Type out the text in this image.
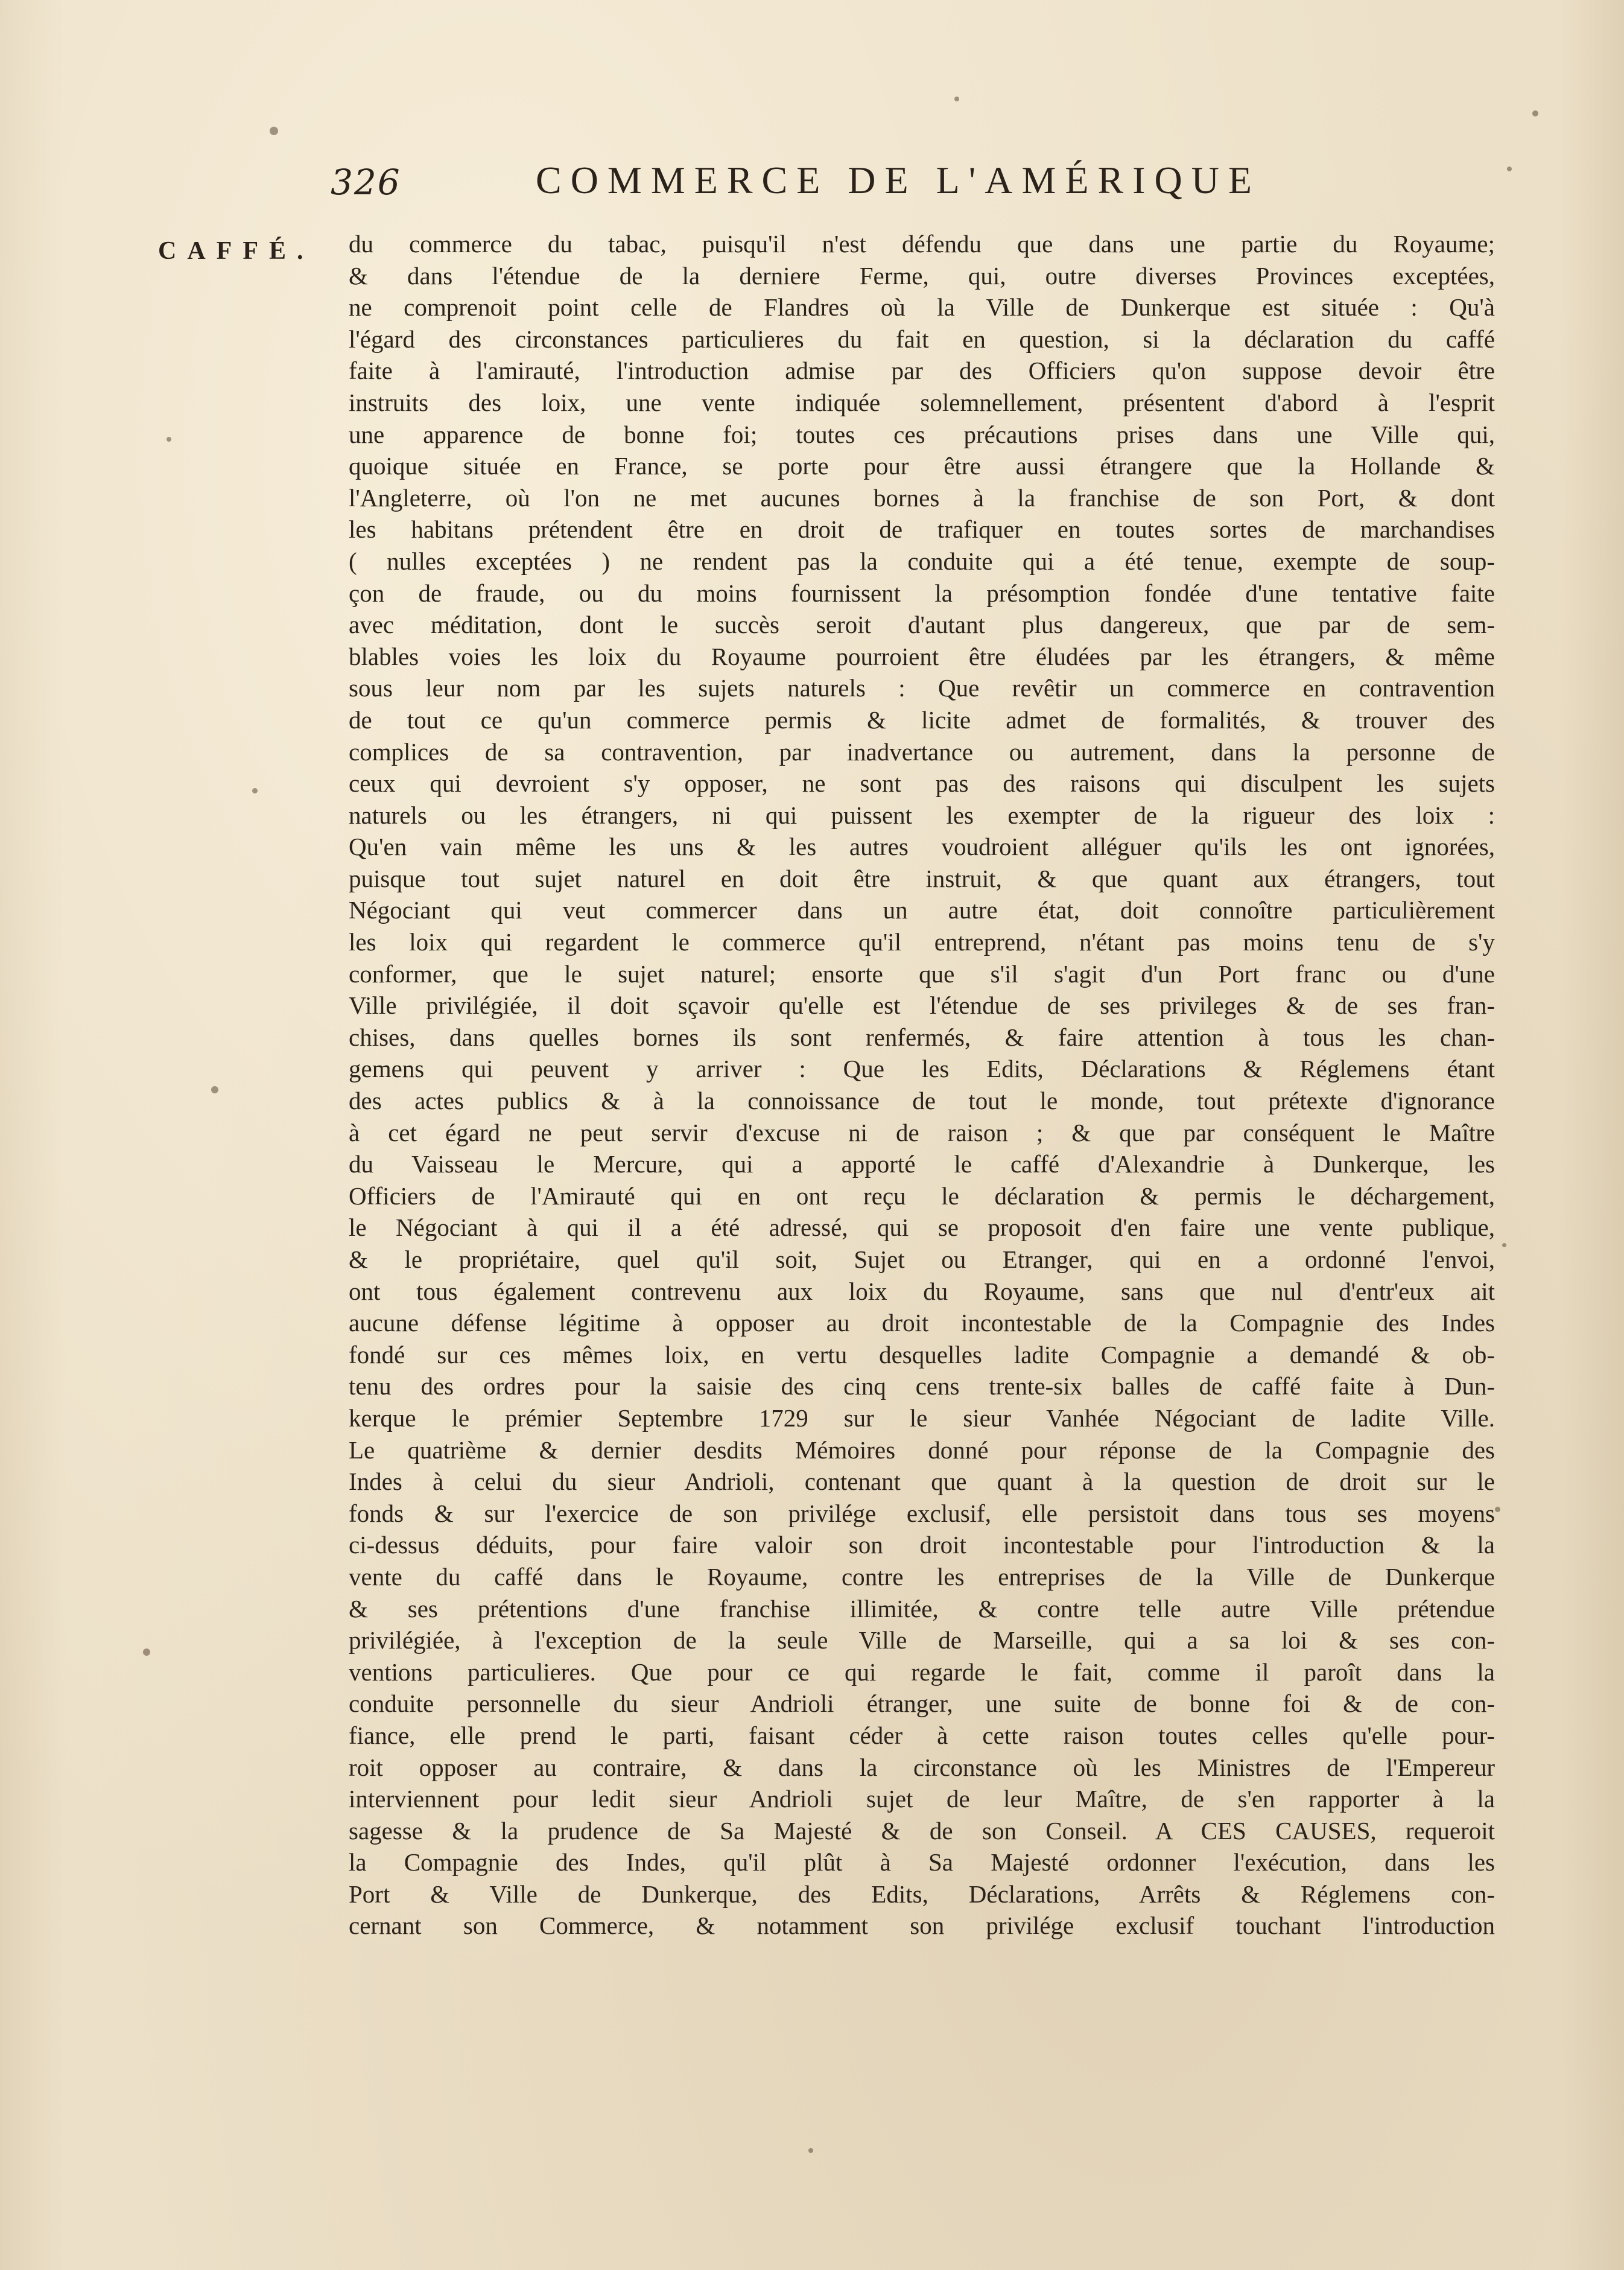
326	COMMERCE DE L'AMÉRIQUE
CAFFÉ. du commerce du tabac, puisqu'il n'est défendu que dans une partie du Royaume;
& dans l'étendue de la derniere Ferme, qui, outre diverses Provinces exceptées,
ne comprenoit point celle de Flandres où la Ville de Dunkerque est située : Qu'à
l'égard des circonstances particulieres du fait en question, si la déclaration du caffé
faite à l'amirauté, l'introduction admise par des Officiers qu'on suppose devoir être
instruits des loix, une vente indiquée solemnellement, présentent d'abord à l'esprit
une apparence de bonne foi; toutes ces précautions prises dans une Ville qui,
quoique située en France, se porte pour être aussi étrangere que la Hollande &
l'Angleterre, où l'on ne met aucunes bornes à la franchise de son Port, & dont
les habitans prétendent être en droit de trafiquer en toutes sortes de marchandises
( nulles exceptées ) ne rendent pas la conduite qui a été tenue, exempte de soup-
çon de fraude, ou du moins fournissent la présomption fondée d'une tentative faite
avec méditation, dont le succès seroit d'autant plus dangereux, que par de sem-
blables voies les loix du Royaume pourroient être éludées par les étrangers, & même
sous leur nom par les sujets naturels : Que revêtir un commerce en contravention
de tout ce qu'un commerce permis & licite admet de formalités, & trouver des
complices de sa contravention, par inadvertance ou autrement, dans la personne de
ceux qui devroient s'y opposer, ne sont pas des raisons qui disculpent les sujets
naturels ou les étrangers, ni qui puissent les exempter de la rigueur des loix :
Qu'en vain même les uns & les autres voudroient alléguer qu'ils les ont ignorées,
puisque tout sujet naturel en doit être instruit, & que quant aux étrangers, tout
Négociant qui veut commercer dans un autre état, doit connoître particulièrement
les loix qui regardent le commerce qu'il entreprend, n'étant pas moins tenu de s'y
conformer, que le sujet naturel; ensorte que s'il s'agit d'un Port franc ou d'une
Ville privilégiée, il doit sçavoir qu'elle est l'étendue de ses privileges & de ses fran-
chises, dans quelles bornes ils sont renfermés, & faire attention à tous les chan-
gemens qui peuvent y arriver : Que les Edits, Déclarations & Réglemens étant
des actes publics & à la connoissance de tout le monde, tout prétexte d'ignorance
à cet égard ne peut servir d'excuse ni de raison ; & que par conséquent le Maître
du Vaisseau le Mercure, qui a apporté le caffé d'Alexandrie à Dunkerque, les
Officiers de l'Amirauté qui en ont reçu le déclaration & permis le déchargement,
le Négociant à qui il a été adressé, qui se proposoit d'en faire une vente publique,
& le propriétaire, quel qu'il soit, Sujet ou Etranger, qui en a ordonné l'envoi,
ont tous également contrevenu aux loix du Royaume, sans que nul d'entr'eux ait
aucune défense légitime à opposer au droit incontestable de la Compagnie des Indes
fondé sur ces mêmes loix, en vertu desquelles ladite Compagnie a demandé & ob-
tenu des ordres pour la saisie des cinq cens trente-six balles de caffé faite à Dun-
kerque le prémier Septembre 1729 sur le sieur Vanhée Négociant de ladite Ville.
Le quatrième & dernier desdits Mémoires donné pour réponse de la Compagnie des
Indes à celui du sieur Andrioli, contenant que quant à la question de droit sur le
fonds & sur l'exercice de son privilége exclusif, elle persistoit dans tous ses moyens
ci-dessus déduits, pour faire valoir son droit incontestable pour l'introduction & la
vente du caffé dans le Royaume, contre les entreprises de la Ville de Dunkerque
& ses prétentions d'une franchise illimitée, & contre telle autre Ville prétendue
privilégiée, à l'exception de la seule Ville de Marseille, qui a sa loi & ses con-
ventions particulieres. Que pour ce qui regarde le fait, comme il paroît dans la
conduite personnelle du sieur Andrioli étranger, une suite de bonne foi & de con-
fiance, elle prend le parti, faisant céder à cette raison toutes celles qu'elle pour-
roit opposer au contraire, & dans la circonstance où les Ministres de l'Empereur
interviennent pour ledit sieur Andrioli sujet de leur Maître, de s'en rapporter à la
sagesse & la prudence de Sa Majesté & de son Conseil. A CES CAUSES, requeroit
la Compagnie des Indes, qu'il plût à Sa Majesté ordonner l'exécution, dans les
Port & Ville de Dunkerque, des Edits, Déclarations, Arrêts & Réglemens con-
cernant son Commerce, & notamment son privilége exclusif touchant l'introduction
